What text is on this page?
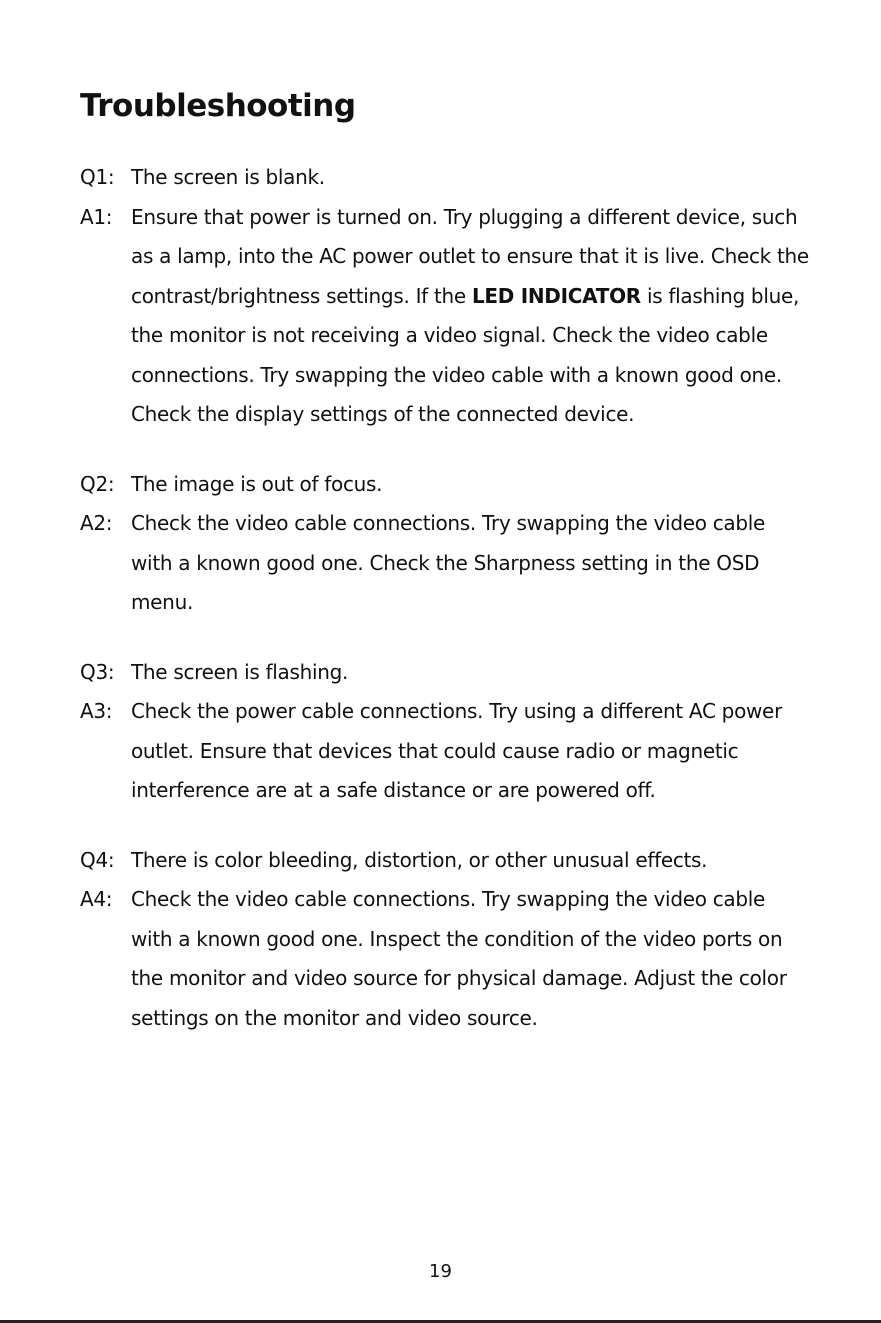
Troubleshooting
Q1: The screen is blank.
A1: Ensure that power is turned on. Try plugging a different device, such as a lamp, into the AC power outlet to ensure that it is live. Check the contrast/brightness settings. If the LED INDICATOR is flashing blue, the monitor is not receiving a video signal. Check the video cable connections. Try swapping the video cable with a known good one. Check the display settings of the connected device.
Q2: The image is out of focus.
A2: Check the video cable connections. Try swapping the video cable with a known good one. Check the Sharpness setting in the OSD menu.
Q3: The screen is flashing.
A3: Check the power cable connections. Try using a different AC power outlet. Ensure that devices that could cause radio or magnetic interference are at a safe distance or are powered off.
Q4: There is color bleeding, distortion, or other unusual effects.
A4: Check the video cable connections. Try swapping the video cable with a known good one. Inspect the condition of the video ports on the monitor and video source for physical damage. Adjust the color settings on the monitor and video source.
19
